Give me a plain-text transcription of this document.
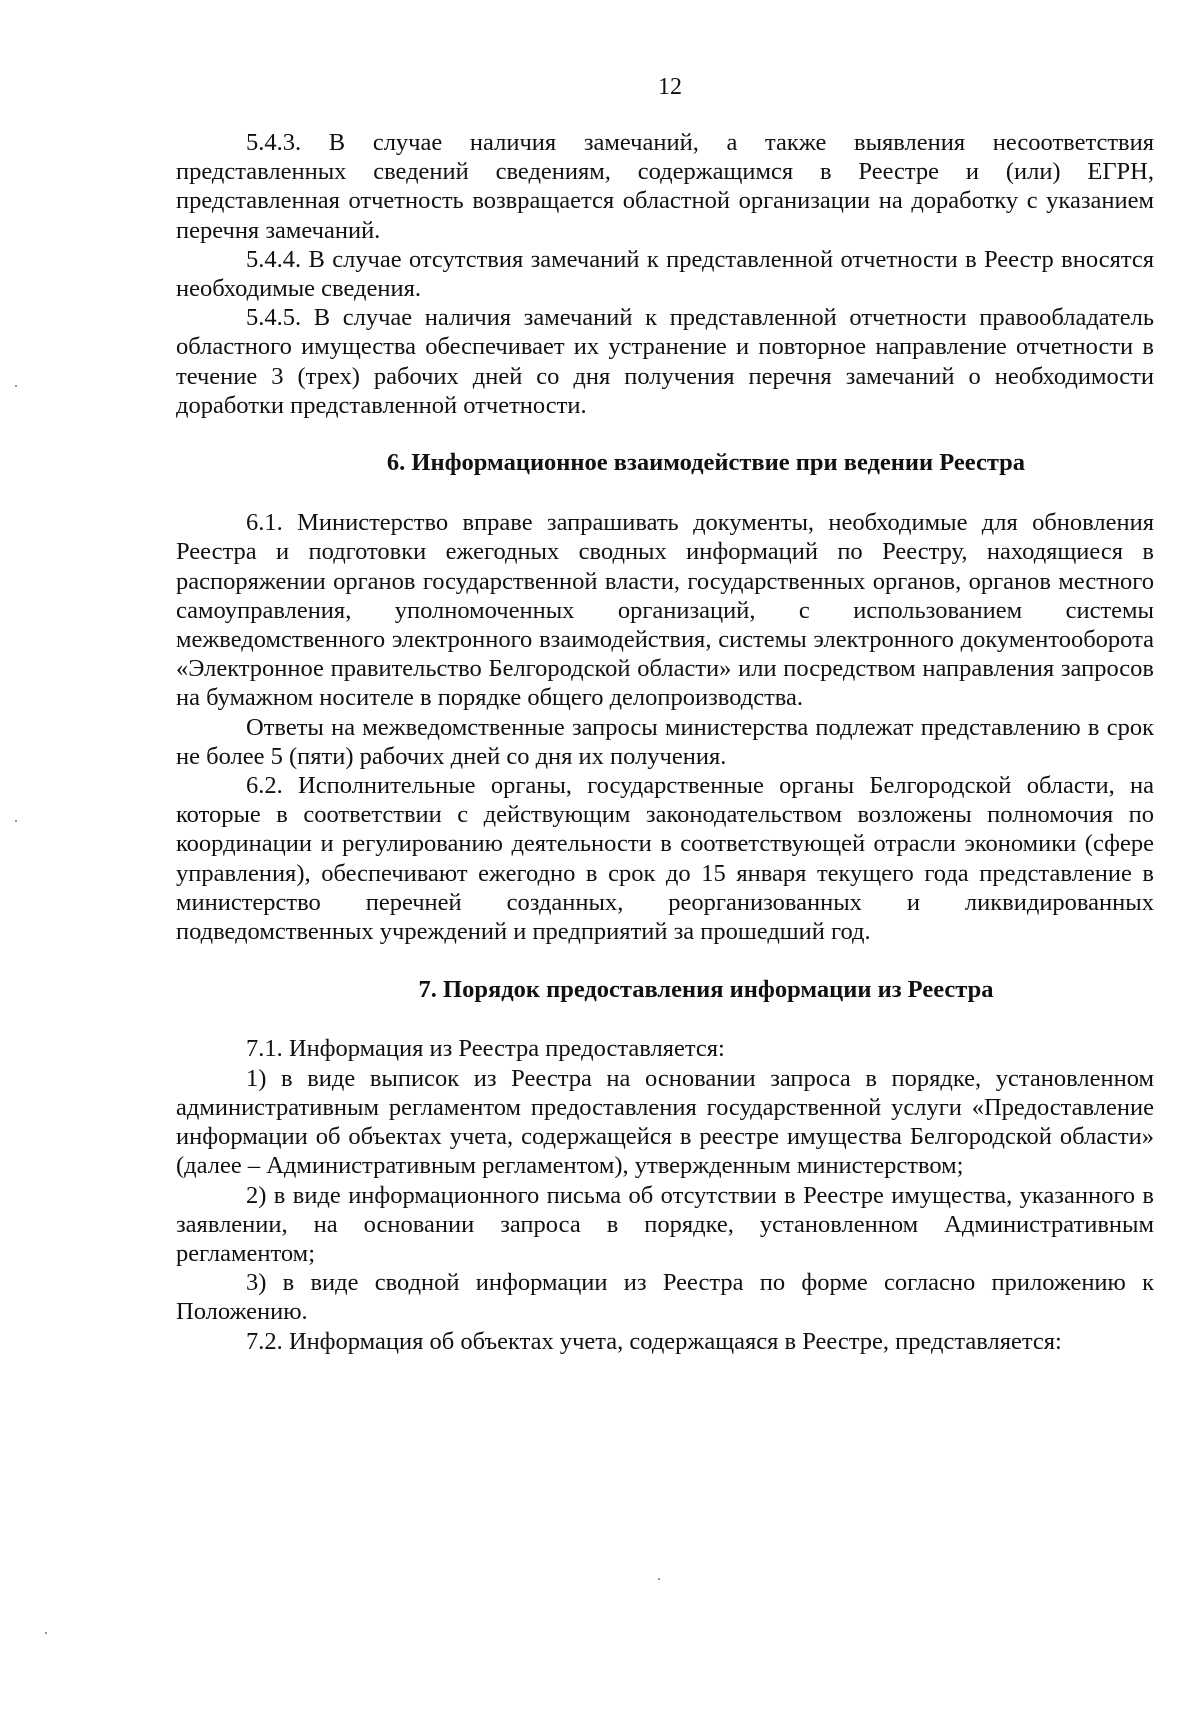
12

5.4.3. В случае наличия замечаний, а также выявления несоответствия представленных сведений сведениям, содержащимся в Реестре и (или) ЕГРН, представленная отчетность возвращается областной организации на доработку с указанием перечня замечаний.

5.4.4. В случае отсутствия замечаний к представленной отчетности в Реестр вносятся необходимые сведения.

5.4.5. В случае наличия замечаний к представленной отчетности правообладатель областного имущества обеспечивает их устранение и повторное направление отчетности в течение 3 (трех) рабочих дней со дня получения перечня замечаний о необходимости доработки представленной отчетности.

6. Информационное взаимодействие при ведении Реестра

6.1. Министерство вправе запрашивать документы, необходимые для обновления Реестра и подготовки ежегодных сводных информаций по Реестру, находящиеся в распоряжении органов государственной власти, государственных органов, органов местного самоуправления, уполномоченных организаций, с использованием системы межведомственного электронного взаимодействия, системы электронного документооборота «Электронное правительство Белгородской области» или посредством направления запросов на бумажном носителе в порядке общего делопроизводства.

Ответы на межведомственные запросы министерства подлежат представлению в срок не более 5 (пяти) рабочих дней со дня их получения.

6.2. Исполнительные органы, государственные органы Белгородской области, на которые в соответствии с действующим законодательством возложены полномочия по координации и регулированию деятельности в соответствующей отрасли экономики (сфере управления), обеспечивают ежегодно в срок до 15 января текущего года представление в министерство перечней созданных, реорганизованных и ликвидированных подведомственных учреждений и предприятий за прошедший год.

7. Порядок предоставления информации из Реестра

7.1. Информация из Реестра предоставляется:

1) в виде выписок из Реестра на основании запроса в порядке, установленном административным регламентом предоставления государственной услуги «Предоставление информации об объектах учета, содержащейся в реестре имущества Белгородской области» (далее – Административным регламентом), утвержденным министерством;

2) в виде информационного письма об отсутствии в Реестре имущества, указанного в заявлении, на основании запроса в порядке, установленном Административным регламентом;

3) в виде сводной информации из Реестра по форме согласно приложению к Положению.

7.2. Информация об объектах учета, содержащаяся в Реестре, представляется:
